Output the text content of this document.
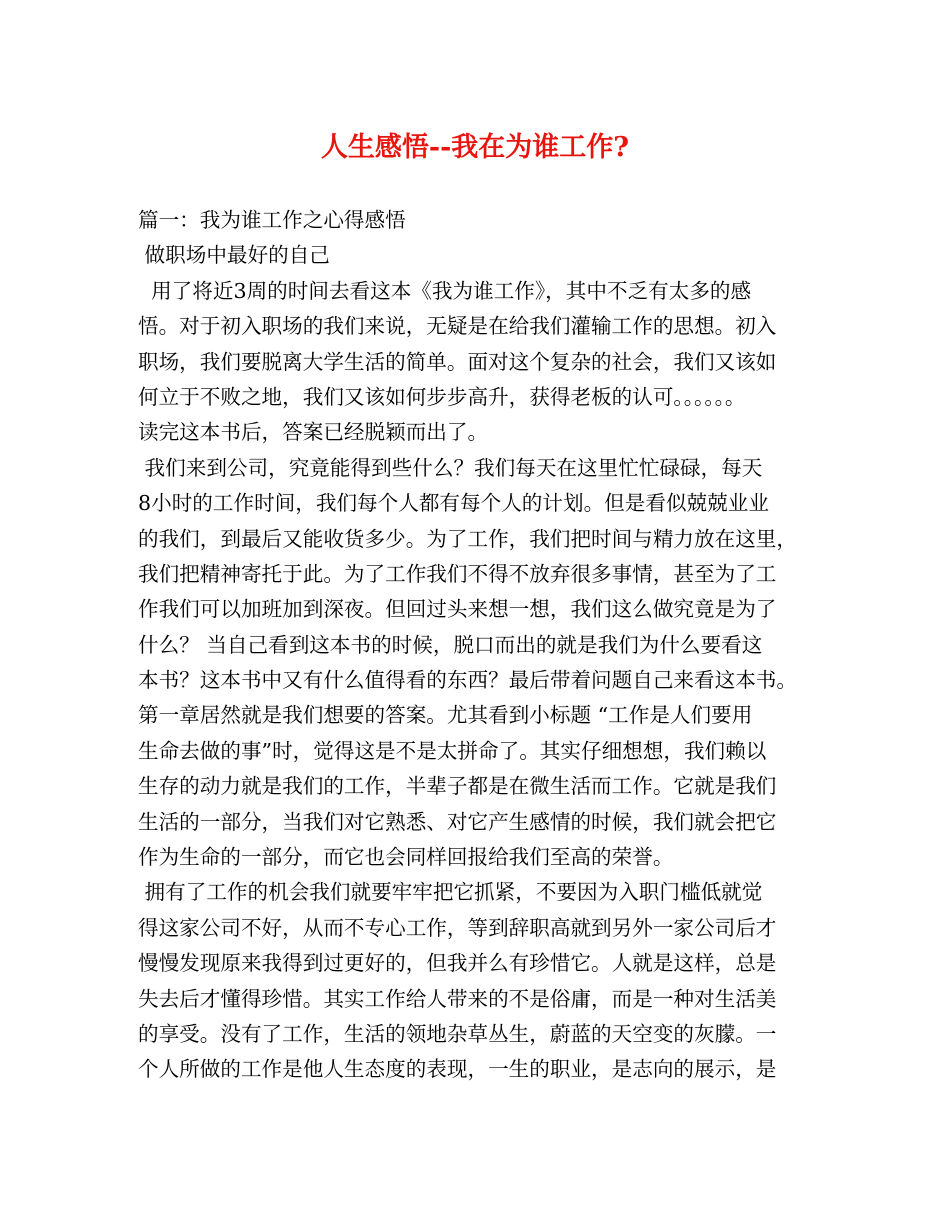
人生感悟--我在为谁工作?
篇一：我为谁工作之心得感悟
做职场中最好的自己
用了将近3周的时间去看这本《我为谁工作》，其中不乏有太多的感
悟。对于初入职场的我们来说，无疑是在给我们灌输工作的思想。初入
职场，我们要脱离大学生活的简单。面对这个复杂的社会，我们又该如
何立于不败之地，我们又该如何步步高升，获得老板的认可。。。。。。
读完这本书后，答案已经脱颖而出了。
我们来到公司，究竟能得到些什么？我们每天在这里忙忙碌碌，每天
8小时的工作时间，我们每个人都有每个人的计划。但是看似兢兢业业
的我们，到最后又能收货多少。为了工作，我们把时间与精力放在这里，
我们把精神寄托于此。为了工作我们不得不放弃很多事情，甚至为了工
作我们可以加班加到深夜。但回过头来想一想，我们这么做究竟是为了
什么？ 当自己看到这本书的时候，脱口而出的就是我们为什么要看这
本书？这本书中又有什么值得看的东西？最后带着问题自己来看这本书。
第一章居然就是我们想要的答案。尤其看到小标题 “工作是人们要用
生命去做的事”时，觉得这是不是太拼命了。其实仔细想想，我们赖以
生存的动力就是我们的工作，半辈子都是在微生活而工作。它就是我们
生活的一部分，当我们对它熟悉、对它产生感情的时候，我们就会把它
作为生命的一部分，而它也会同样回报给我们至高的荣誉。
拥有了工作的机会我们就要牢牢把它抓紧，不要因为入职门槛低就觉
得这家公司不好，从而不专心工作，等到辞职高就到另外一家公司后才
慢慢发现原来我得到过更好的，但我并么有珍惜它。人就是这样，总是
失去后才懂得珍惜。其实工作给人带来的不是俗庸，而是一种对生活美
的享受。没有了工作，生活的领地杂草丛生，蔚蓝的天空变的灰朦。一
个人所做的工作是他人生态度的表现，一生的职业，是志向的展示，是
